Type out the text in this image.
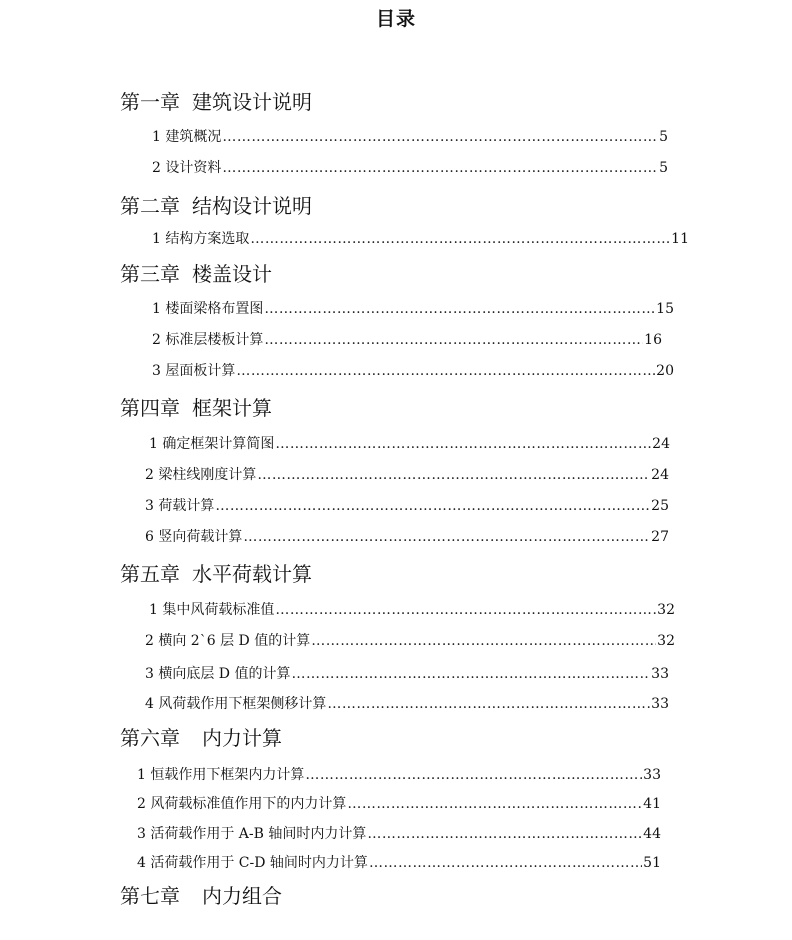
目录
第一章 建筑设计说明
1 建筑概况 …………………………………………………………………………………………………………………………………………………………………………………………………………	5
2 设计资料 …………………………………………………………………………………………………………………………………………………………………………………………………………	5
第二章 结构设计说明
1 结构方案选取 …………………………………………………………………………………………………………………………………………………………………………………………………………	11
第三章 楼盖设计
1 楼面梁格布置图 …………………………………………………………………………………………………………………………………………………………………………………………………………	15
2 标准层楼板计算 …………………………………………………………………………………………………………………………………………………………………………………………………………	16
3 屋面板计算 …………………………………………………………………………………………………………………………………………………………………………………………………………	20
第四章 框架计算
1 确定框架计算简图 …………………………………………………………………………………………………………………………………………………………………………………………………………	24
2 梁柱线刚度计算 …………………………………………………………………………………………………………………………………………………………………………………………………………	24
3 荷载计算 …………………………………………………………………………………………………………………………………………………………………………………………………………	25
6 竖向荷载计算 …………………………………………………………………………………………………………………………………………………………………………………………………………	27
第五章 水平荷载计算
1 集中风荷载标准值 …………………………………………………………………………………………………………………………………………………………………………………………………………	32
2 横向 2`6 层 D 值的计算 …………………………………………………………………………………………………………………………………………………………………………………………………………	32
3 横向底层 D 值的计算 …………………………………………………………………………………………………………………………………………………………………………………………………………	33
4 风荷载作用下框架侧移计算 …………………………………………………………………………………………………………………………………………………………………………………………………………	33
第六章 内力计算
1 恒载作用下框架内力计算 …………………………………………………………………………………………………………………………………………………………………………………………………………	33
2 风荷载标准值作用下的内力计算 …………………………………………………………………………………………………………………………………………………………………………………………………………	41
3 活荷载作用于 A-B 轴间时内力计算 …………………………………………………………………………………………………………………………………………………………………………………………………………	44
4 活荷载作用于 C-D 轴间时内力计算 …………………………………………………………………………………………………………………………………………………………………………………………………………	51
第七章 内力组合
